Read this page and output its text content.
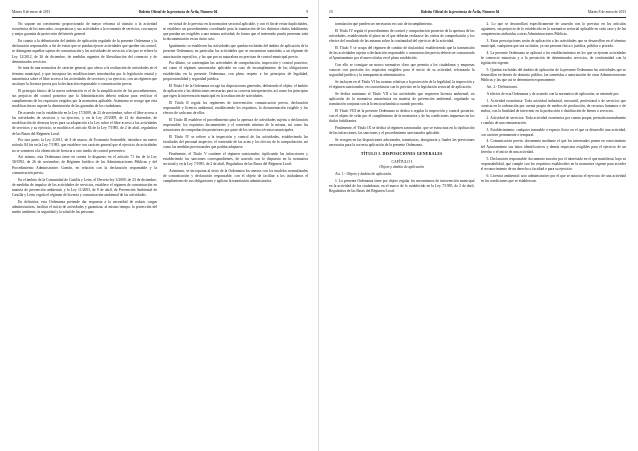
Martes 8 de enero de 2013	Boletín Oficial de la provincia de Ávila, Número 04	9

No supone un crecimiento proporcionado de mayor reforma al tránsito a la actividad económica de los mercados, cooperativas y sus actividades a la economía de servicios, con mayor y mejor garantía de protección del interés general.

En cuanto a la delimitación del ámbito de aplicación regulado de la presente Ordenanza y la declaración responsable, a fin de evitar que se puedan ejercer actividades que queden sin control, se distinguen aquellas sujetas de comunicación y las actividades de servicios a las que se refiere la Ley 12/2012, de 26 de diciembre, de medidas urgentes de liberalización del comercio y de determinados servicios.

Se trata de una normativa de carácter general, que afecta a la realización de actividades en el término municipal, y que incorpora las modificaciones introducidas por la legislación estatal y autonómica sobre el libre acceso a las actividades de servicios y su ejercicio, con un régimen que sustituye la licencia previa por la declaración responsable o comunicación previa.

El principio básico de la nueva ordenación es el de la simplificación de los procedimientos, sin perjuicio del control posterior que la Administración deberá realizar para verificar el cumplimiento de los requisitos exigidos por la normativa aplicable. Asimismo se recoge que esta modificación no supone la disminución de las garantías de los ciudadanos.

De acuerdo con lo establecido en la Ley 17/2009, de 23 de noviembre, sobre el libre acceso a las actividades de servicios y su ejercicio, y en la Ley 25/2009, de 22 de diciembre, de modificación de diversas leyes para su adaptación a la Ley sobre el libre acceso a las actividades de servicios y su ejercicio, se modifica el artículo 84 de la Ley 7/1985, de 2 de abril, reguladora de las Bases del Régimen Local.

Por otra parte, la Ley 2/2011, de 4 de marzo, de Economía Sostenible, introduce un nuevo artículo 84 bis en la Ley 7/1985, que establece con carácter general que el ejercicio de actividades no se someterá a la obtención de licencia u otro medio de control preventivo.

Así mismo, esta Ordenanza tiene en cuenta lo dispuesto en el artículo 71 bis de la Ley 30/1992, de 26 de noviembre, de Régimen Jurídico de las Administraciones Públicas y del Procedimiento Administrativo Común, en relación con la declaración responsable y la comunicación previa.

En el ámbito de la Comunidad de Castilla y León, el Decreto-ley 3/2009, de 23 de diciembre, de medidas de impulso de las actividades de servicios, establece el régimen de comunicación en materia de prevención ambiental, y la Ley 11/2003, de 8 de abril, de Prevención Ambiental de Castilla y León, regula el régimen de licencia y comunicación ambiental de las actividades.

En definitiva, esta Ordenanza pretende dar respuesta a la necesidad de reducir cargas administrativas, facilitar el inicio de actividades y garantizar, al mismo tiempo, la protección del medio ambiente, la seguridad y la salud de las personas.

en virtud de lo previsto en la normativa sectorial aplicable, y con el fin de evitar duplicidades, se establece un procedimiento coordinado para la tramitación de los distintos títulos habilitantes que puedan ser exigibles a una misma actividad, de forma que el interesado pueda presentar toda la documentación en un único acto.

Igualmente, se establecen las actividades que quedan excluidas del ámbito de aplicación de la presente Ordenanza, en particular las actividades que se encuentran sometidas a un régimen de autorización específico, y las que por su naturaleza no precisan de control municipal previo.

Por último, se contemplan las actividades de comprobación, inspección y control posterior, así como el régimen sancionador aplicable en caso de incumplimiento de las obligaciones establecidas en la presente Ordenanza, con pleno respeto a los principios de legalidad, proporcionalidad y seguridad jurídica.

El Título I de la Ordenanza recoge las disposiciones generales, definiendo el objeto, el ámbito de aplicación y las definiciones necesarias para su correcta interpretación, así como los principios que rigen la intervención municipal en la realización de actividades.

El Título II regula los regímenes de intervención: comunicación previa, declaración responsable y licencia ambiental, estableciendo los requisitos, la documentación exigible y los efectos de cada uno de ellos.

El Título III establece el procedimiento para la apertura de actividades sujetas a declaración responsable, los requisitos documentales y el contenido mínimo de la misma, así como las actuaciones de comprobación posteriores por parte de los servicios técnicos municipales.

El Título IV se refiere a la inspección y control de las actividades, estableciendo las facultades del personal inspector, el contenido de las actas y los efectos de la comprobación, así como las medidas provisionales que podrán adoptarse.

Finalmente, el Título V contiene el régimen sancionador, tipificando las infracciones y estableciendo las sanciones correspondientes, de acuerdo con lo dispuesto en la normativa sectorial y en la Ley 7/1985, de 2 de abril, Reguladora de las Bases del Régimen Local.

Asimismo, se incorporan al texto de la Ordenanza los anexos con los modelos normalizados de comunicación y declaración responsable, con el objeto de facilitar a los ciudadanos el cumplimiento de sus obligaciones y agilizar la tramitación administrativa.

10	Boletín Oficial de la provincia de Ávila, Número 04	Martes 8 de enero de 2013

tramitación que pueden ser necesarios en caso de incumplimiento.

El Título IV regula el procedimiento de control y comprobación posterior de la apertura de las actividades, estableciendo el plazo en el que deberán realizarse las visitas de comprobación y los efectos del resultado de las mismas sobre la continuidad del ejercicio de la actividad.

El Título V se ocupa del régimen de cambio de titularidad, estableciendo que la transmisión de las actividades sujetas a declaración responsable o comunicación previa deberá ser comunicada al Ayuntamiento por el nuevo titular en el plazo establecido.

Con ello se consigue un marco normativo claro que permita a los ciudadanos y empresas conocer con precisión los requisitos exigibles para el inicio de su actividad, reforzando la seguridad jurídica y la transparencia administrativa.

Se incluyen en el Título VI las normas relativas a la protección de la legalidad, la inspección y el régimen sancionador, en concordancia con lo previsto en la legislación sectorial de aplicación.

Se dedica asimismo el Título VII a las actividades que requieren licencia ambiental, en aplicación de la normativa autonómica en materia de prevención ambiental, regulando su tramitación conjunta con la licencia urbanística cuando proceda.

El Título VIII de la presente Ordenanza se dedica a regular la inspección y control posterior, con el objeto de velar por el cumplimiento de la normativa y de las condiciones impuestas en los títulos habilitantes.

Finalmente, el Título IX se dedica al régimen sancionador, que se estructura en la tipificación de las infracciones, las sanciones y el procedimiento sancionador aplicable.

Se recogen en las disposiciones adicionales, transitorias, derogatoria y finales las previsiones necesarias para la correcta aplicación de la presente Ordenanza.

TÍTULO I. DISPOSICIONES GENERALES

CAPÍTULO I

Objeto y ámbito de aplicación

Art. 1.- Objeto y ámbito de aplicación.

1. La presente Ordenanza tiene por objeto regular los mecanismos de intervención municipal en la actividad de los ciudadanos, en el marco de lo establecido en la Ley 7/1985, de 2 de abril, Reguladora de las Bases del Régimen Local.

2. Lo que se desarrollará específicamente de acuerdo con lo previsto en los artículos siguientes, sin perjuicio de lo establecido en la normativa sectorial aplicable en cada caso y de las competencias atribuidas a otras Administraciones Públicas.

3. Estas prescripciones serán de aplicación a las actividades que se desarrollen en el término municipal, cualquiera que sea su titular, ya sea persona física o jurídica, pública o privada.

4. La presente Ordenanza se aplicará a los establecimientos en los que se ejerzan actividades de comercio minorista y a la prestación de determinados servicios, de conformidad con la legislación vigente.

5. Quedan excluidas del ámbito de aplicación de la presente Ordenanza las actividades que se desarrollen en bienes de dominio público, las sometidas a autorización de otras Administraciones Públicas y las que así se determinen expresamente.

Art. 2.- Definiciones.

A efectos de esta Ordenanza y de acuerdo con la normativa de aplicación, se entiende por:

1. Actividad económica: Toda actividad industrial, mercantil, profesional o de servicios que consista en la ordenación por cuenta propia de medios de producción, de recursos humanos o de ambos, con la finalidad de intervenir en la producción o distribución de bienes o servicios.

2. Actividad de servicios: Toda actividad económica por cuenta propia, prestada normalmente a cambio de una remuneración.

3. Establecimiento: cualquier inmueble o espacio físico en el que se desarrolle una actividad, con carácter permanente o temporal.

4. Comunicación previa: documento mediante el que los interesados ponen en conocimiento del Ayuntamiento sus datos identificativos y demás requisitos exigibles para el ejercicio de un derecho o el inicio de una actividad.

5. Declaración responsable: documento suscrito por el interesado en el que manifiesta, bajo su responsabilidad, que cumple con los requisitos establecidos en la normativa vigente para acceder al reconocimiento de un derecho o facultad o para su ejercicio.

6. Licencia ambiental: acto administrativo por el que se autoriza el ejercicio de una actividad en las condiciones que se establezcan.
